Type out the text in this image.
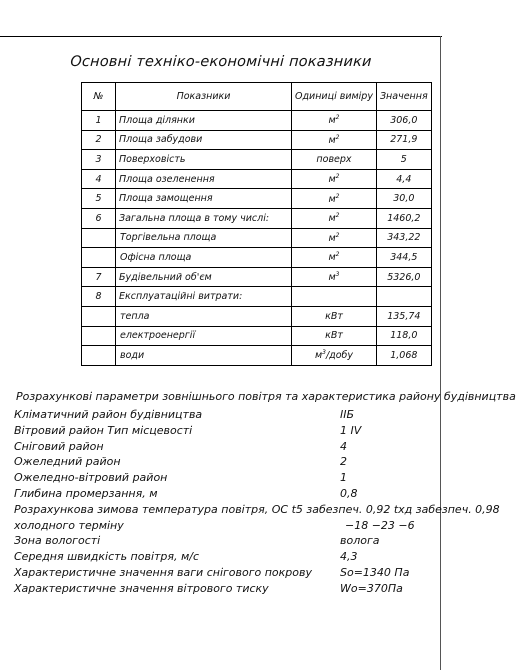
Основні техніко-економічні показники
№	Показники	Одиниці виміру	Значення
1	Площа ділянки	$м^2$	306,0
2	Площа забудови	$м^2$	271,9
3	Поверховість	поверх	5
4	Площа озеленення	$м^2$	4,4
5	Площа замощення	$м^2$	30,0
6	Загальна площа в тому числі:	$м^2$	1460,2
	Торгівельна площа	$м^2$	343,22
	Офісна площа	$м^2$	344,5
7	Будівельний об'єм	$м^3$	5326,0
8	Експлуатаційні витрати:		
	тепла	кВт	135,74
	електроенергії	кВт	118,0
	води	$м^3$/добу	1,068
Розрахункові параметри зовнішнього повітря та характеристика району будівництва
Кліматичний район будівництва	ІІБ
Вітровий район Тип місцевості	1 ІV
Сніговий район	4
Ожеледний район	2
Ожеледно-вітровий район	1
Глибина промерзання, м	0,8
Розрахункова зимова температура повітря, ОС t5 забезпеч. 0,92 txд забезпеч. 0,98
холодного терміну	−18 −23 −6
Зона вологості	волога
Середня швидкість повітря, м/с	4,3
Характеристичне значення ваги снігового покрову	So=1340 Па
Характеристичне значення вітрового тиску	Wo=370Па
